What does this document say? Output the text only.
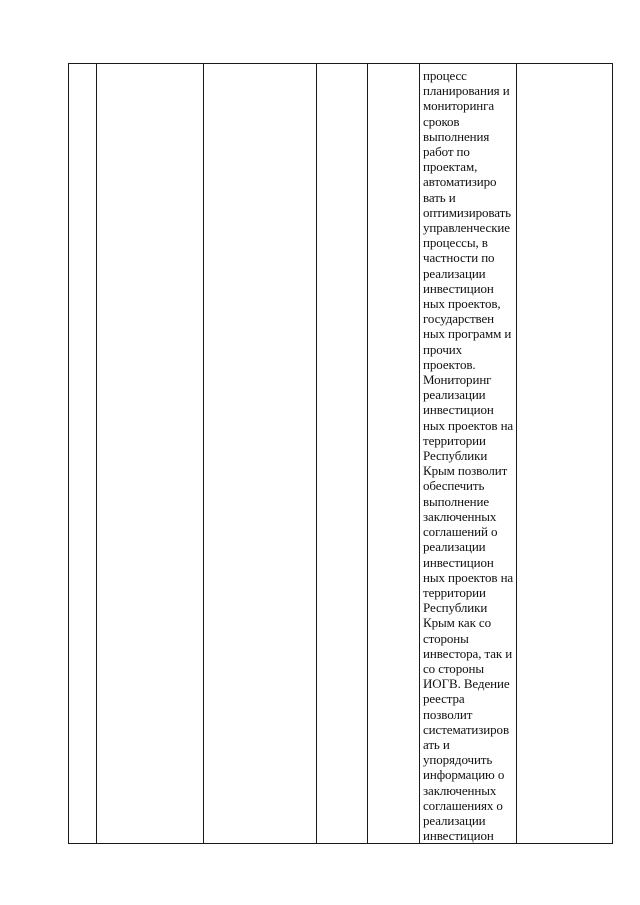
процесс
планирования и
мониторинга
сроков
выполнения
работ по
проектам,
автоматизиро
вать и
оптимизировать
управленческие
процессы, в
частности по
реализации
инвестицион
ных проектов,
государствен
ных программ и
прочих
проектов.
Мониторинг
реализации
инвестицион
ных проектов на
территории
Республики
Крым позволит
обеспечить
выполнение
заключенных
соглашений о
реализации
инвестицион
ных проектов на
территории
Республики
Крым как со
стороны
инвестора, так и
со стороны
ИОГВ. Ведение
реестра
позволит
систематизиров
ать и
упорядочить
информацию о
заключенных
соглашениях о
реализации
инвестицион
